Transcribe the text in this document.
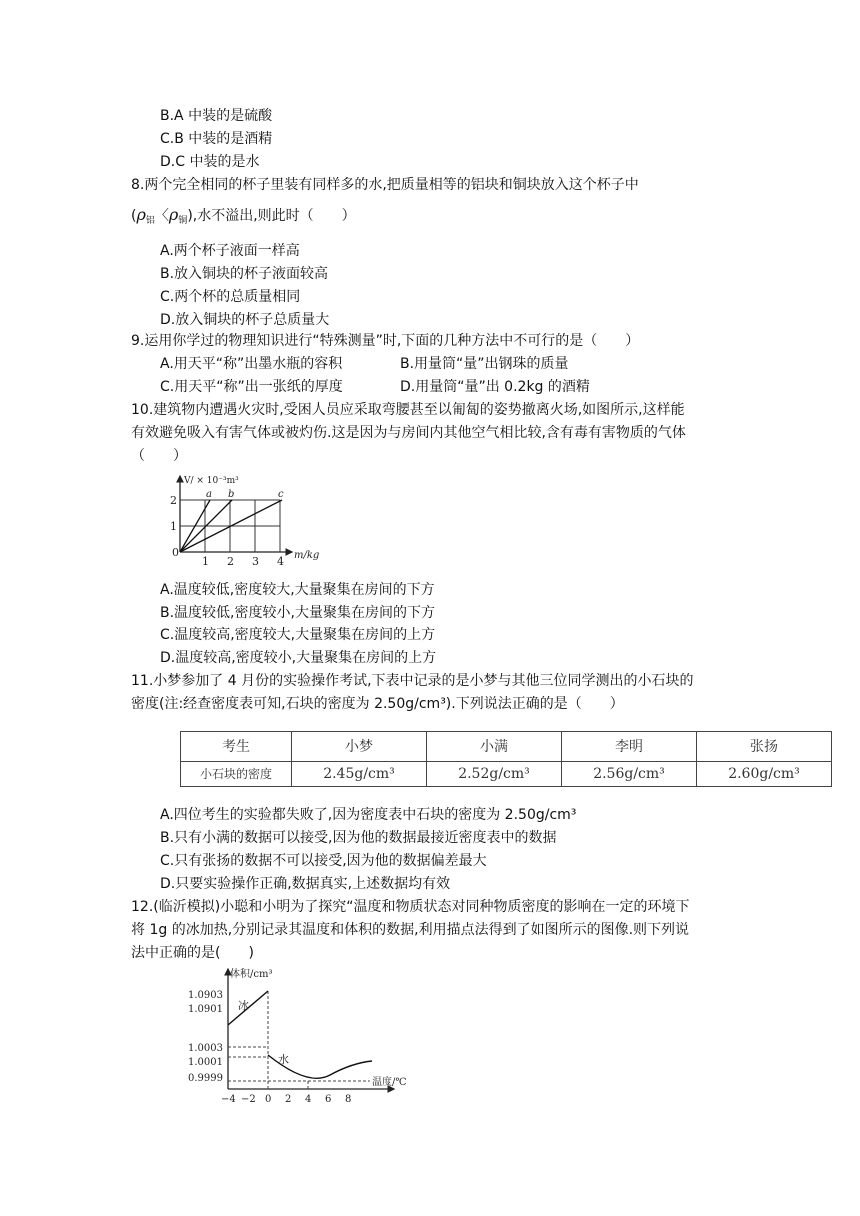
B.A 中装的是硫酸
C.B 中装的是酒精
D.C 中装的是水
8.两个完全相同的杯子里装有同样多的水,把质量相等的铝块和铜块放入这个杯子中
($\rho_铝$〈$\rho_铜$),水不溢出,则此时（　　）
A.两个杯子液面一样高
B.放入铜块的杯子液面较高
C.两个杯的总质量相同
D.放入铜块的杯子总质量大
9.运用你学过的物理知识进行“特殊测量”时,下面的几种方法中不可行的是（　　）
A.用天平“称”出墨水瓶的容积	B.用量筒“量”出钢珠的质量
C.用天平“称”出一张纸的厚度	D.用量筒“量”出 0.2kg 的酒精
10.建筑物内遭遇火灾时,受困人员应采取弯腰甚至以匍匐的姿势撤离火场,如图所示,这样能
有效避免吸入有害气体或被灼伤.这是因为与房间内其他空气相比较,含有毒有害物质的气体
（　　）
V/ × 10⁻³m³
m/kg
0
1
2
1 2 3 4
a b	c
A.温度较低,密度较大,大量聚集在房间的下方
B.温度较低,密度较小,大量聚集在房间的下方
C.温度较高,密度较大,大量聚集在房间的上方
D.温度较高,密度较小,大量聚集在房间的上方
11.小梦参加了 4 月份的实验操作考试,下表中记录的是小梦与其他三位同学测出的小石块的
密度(注:经查密度表可知,石块的密度为 2.50g/cm³).下列说法正确的是（　　）
考生	小梦	小满	李明	张扬
小石块的密度	2.45g/cm³	2.52g/cm³	2.56g/cm³	2.60g/cm³
A.四位考生的实验都失败了,因为密度表中石块的密度为 2.50g/cm³
B.只有小满的数据可以接受,因为他的数据最接近密度表中的数据
C.只有张扬的数据不可以接受,因为他的数据偏差最大
D.只要实验操作正确,数据真实,上述数据均有效
12.(临沂模拟)小聪和小明为了探究“温度和物质状态对同种物质密度的影响在一定的环境下
将 1g 的冰加热,分别记录其温度和体积的数据,利用描点法得到了如图所示的图像.则下列说
法中正确的是(　　)
体积/cm³
温度/℃
冰
水
1.0903
1.0901
1.0003
1.0001
0.9999
−4 −2 0 2 4 6 8
